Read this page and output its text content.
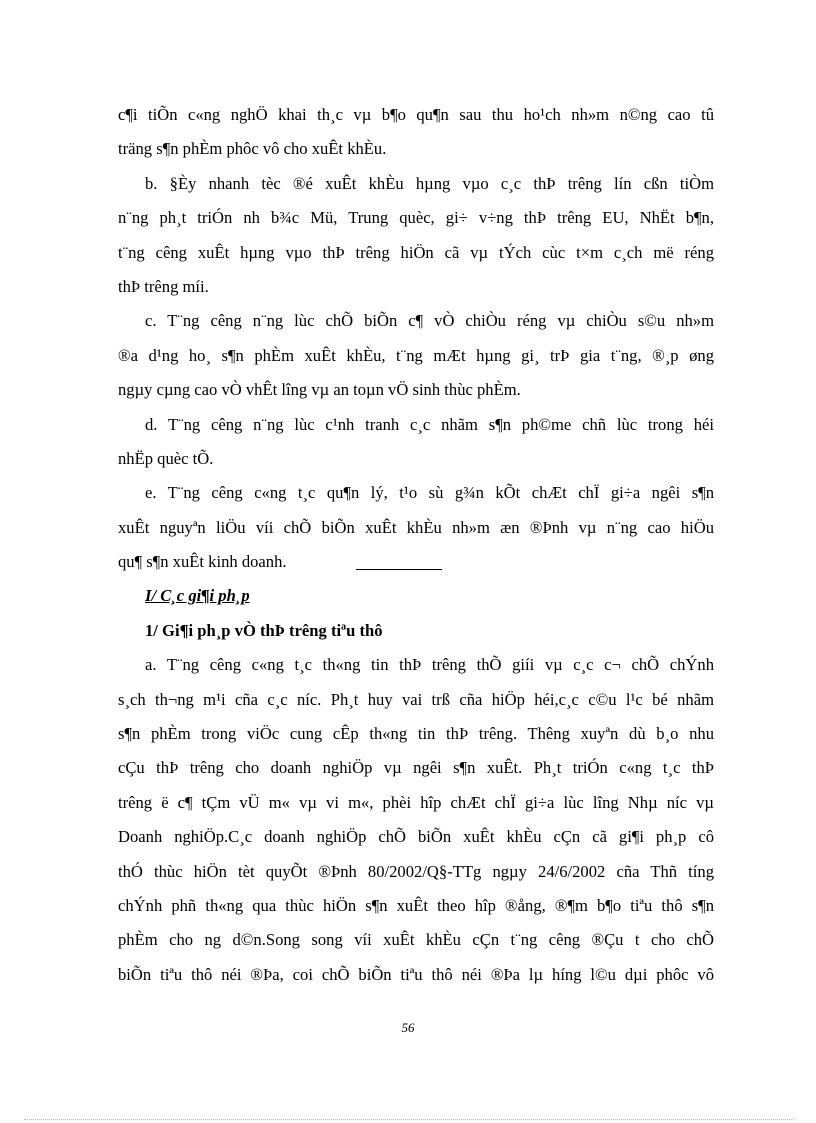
c¶i tiÕn c«ng nghÖ khai th¸c vµ b¶o qu¶n sau thu ho¹ch nh»m n©ng cao tû
träng s¶n phÈm phôc vô cho xuÊt khÈu.
b. §Èy nhanh tèc ®é xuÊt khÈu hµng vµo c¸c thÞ trêng lín cßn tiÒm
n¨ng ph¸t triÓn nh b¾c Mü, Trung quèc, gi÷ v÷ng thÞ trêng EU, NhËt b¶n,
t¨ng cêng xuÊt hµng vµo thÞ trêng hiÖn cã vµ tÝch cùc t×m c¸ch më réng
thÞ trêng míi.
c. T¨ng cêng n¨ng lùc chÕ biÕn c¶ vÒ chiÒu réng vµ chiÒu s©u nh»m
®a d¹ng ho¸ s¶n phÈm xuÊt khÈu, t¨ng mÆt hµng gi¸ trÞ gia t¨ng, ®¸p øng
ngµy cµng cao vÒ vhÊt lîng vµ an toµn vÖ sinh thùc phÈm.
d. T¨ng cêng n¨ng lùc c¹nh tranh c¸c nhãm s¶n ph©me chñ lùc trong héi
nhËp quèc tÕ.
e. T¨ng cêng c«ng t¸c qu¶n lý, t¹o sù g¾n kÕt chÆt chÏ gi÷a ngêi s¶n
xuÊt nguyªn liÖu víi chÕ biÕn xuÊt khÈu nh»m æn ®Þnh vµ n¨ng cao hiÖu
qu¶ s¶n xuÊt kinh doanh.
I/ C¸c gi¶i ph¸p
1/ Gi¶i ph¸p vÒ thÞ trêng tiªu thô
a. T¨ng cêng c«ng t¸c th«ng tin thÞ trêng thÕ giíi vµ c¸c c¬ chÕ chÝnh
s¸ch th¬ng m¹i cña c¸c níc. Ph¸t huy vai trß cña hiÖp héi,c¸c c©u l¹c bé nhãm
s¶n phÈm trong viÖc cung cÊp th«ng tin thÞ trêng. Thêng xuyªn dù b¸o nhu
cÇu thÞ trêng cho doanh nghiÖp vµ ngêi s¶n xuÊt. Ph¸t triÓn c«ng t¸c thÞ
trêng ë c¶ tÇm vÜ m« vµ vi m«, phèi hîp chÆt chÏ gi÷a lùc lîng Nhµ níc vµ
Doanh nghiÖp.C¸c doanh nghiÖp chÕ biÕn xuÊt khÈu cÇn cã gi¶i ph¸p cô
thÓ thùc hiÖn tèt quyÕt ®Þnh 80/2002/Q§-TTg ngµy 24/6/2002 cña Thñ tíng
chÝnh phñ th«ng qua thùc hiÖn s¶n xuÊt theo hîp ®ång, ®¶m b¶o tiªu thô s¶n
phÈm cho ng d©n.Song song víi xuÊt khÈu cÇn t¨ng cêng ®Çu t cho chÕ
biÕn tiªu thô néi ®Þa, coi chÕ biÕn tiªu thô néi ®Þa lµ híng l©u dµi phôc vô
56
